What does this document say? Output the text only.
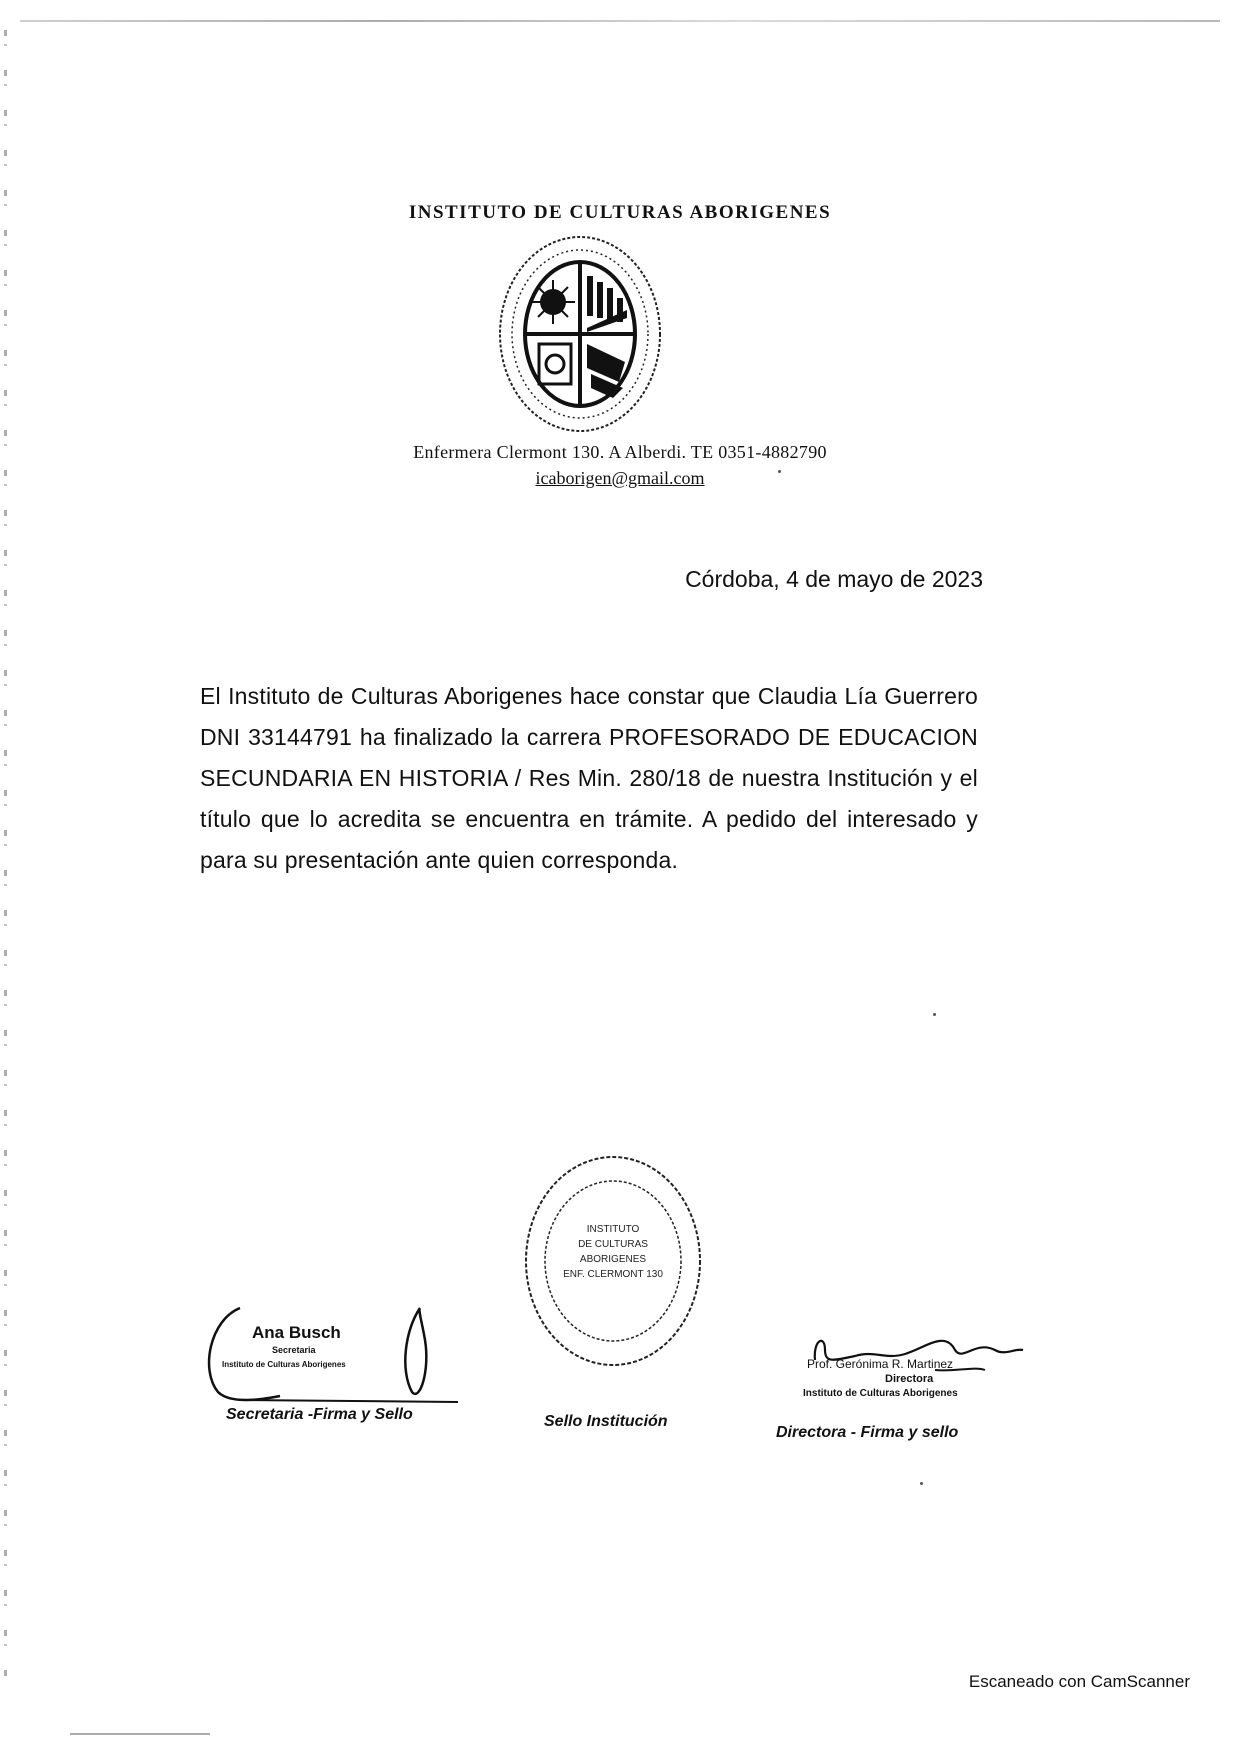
INSTITUTO DE CULTURAS ABORIGENES
Enfermera Clermont 130. A Alberdi. TE 0351-4882790
icaborigen@gmail.com
Córdoba, 4 de mayo de 2023
El Instituto de Culturas Aborigenes hace constar que Claudia Lía Guerrero DNI 33144791 ha finalizado la carrera PROFESORADO DE EDUCACION SECUNDARIA EN HISTORIA / Res Min. 280/18 de nuestra Institución y el título que lo acredita se encuentra en trámite. A pedido del interesado y para su presentación ante quien corresponda.
Ana Busch
Secretaria
Instituto de Culturas Aborigenes
Secretaria -Firma y Sello
INSTITUTO
DE CULTURAS
ABORIGENES
ENF. CLERMONT 130
Sello Institución
Prof. Gerónima R. Martinez
Directora
Instituto de Culturas Aborigenes
Directora - Firma y sello
Escaneado con CamScanner
